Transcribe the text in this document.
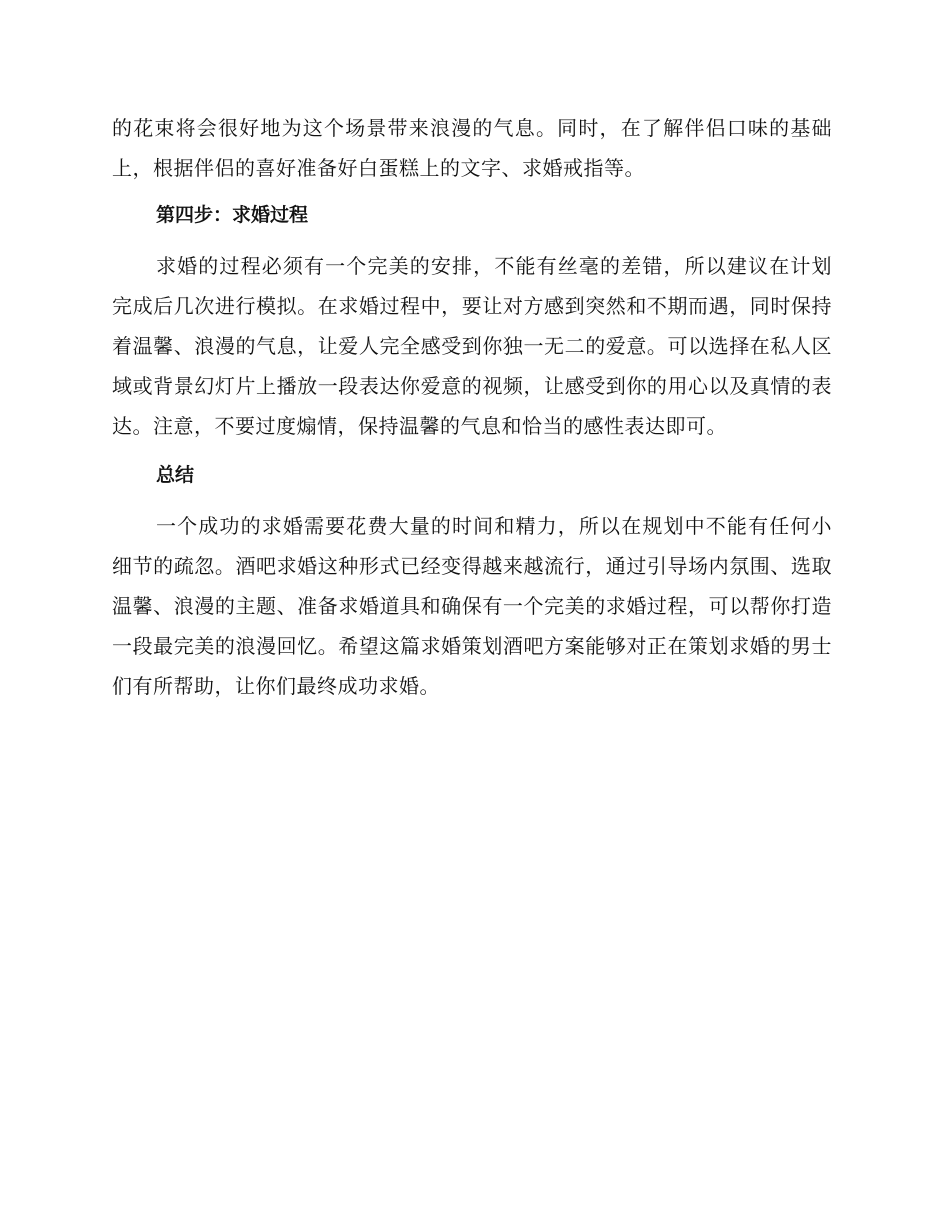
的花束将会很好地为这个场景带来浪漫的气息。同时，在了解伴侣口味的基础上，根据伴侣的喜好准备好白蛋糕上的文字、求婚戒指等。

第四步：求婚过程

求婚的过程必须有一个完美的安排，不能有丝毫的差错，所以建议在计划完成后几次进行模拟。在求婚过程中，要让对方感到突然和不期而遇，同时保持着温馨、浪漫的气息，让爱人完全感受到你独一无二的爱意。可以选择在私人区域或背景幻灯片上播放一段表达你爱意的视频，让感受到你的用心以及真情的表达。注意，不要过度煽情，保持温馨的气息和恰当的感性表达即可。

总结

一个成功的求婚需要花费大量的时间和精力，所以在规划中不能有任何小细节的疏忽。酒吧求婚这种形式已经变得越来越流行，通过引导场内氛围、选取温馨、浪漫的主题、准备求婚道具和确保有一个完美的求婚过程，可以帮你打造一段最完美的浪漫回忆。希望这篇求婚策划酒吧方案能够对正在策划求婚的男士们有所帮助，让你们最终成功求婚。
